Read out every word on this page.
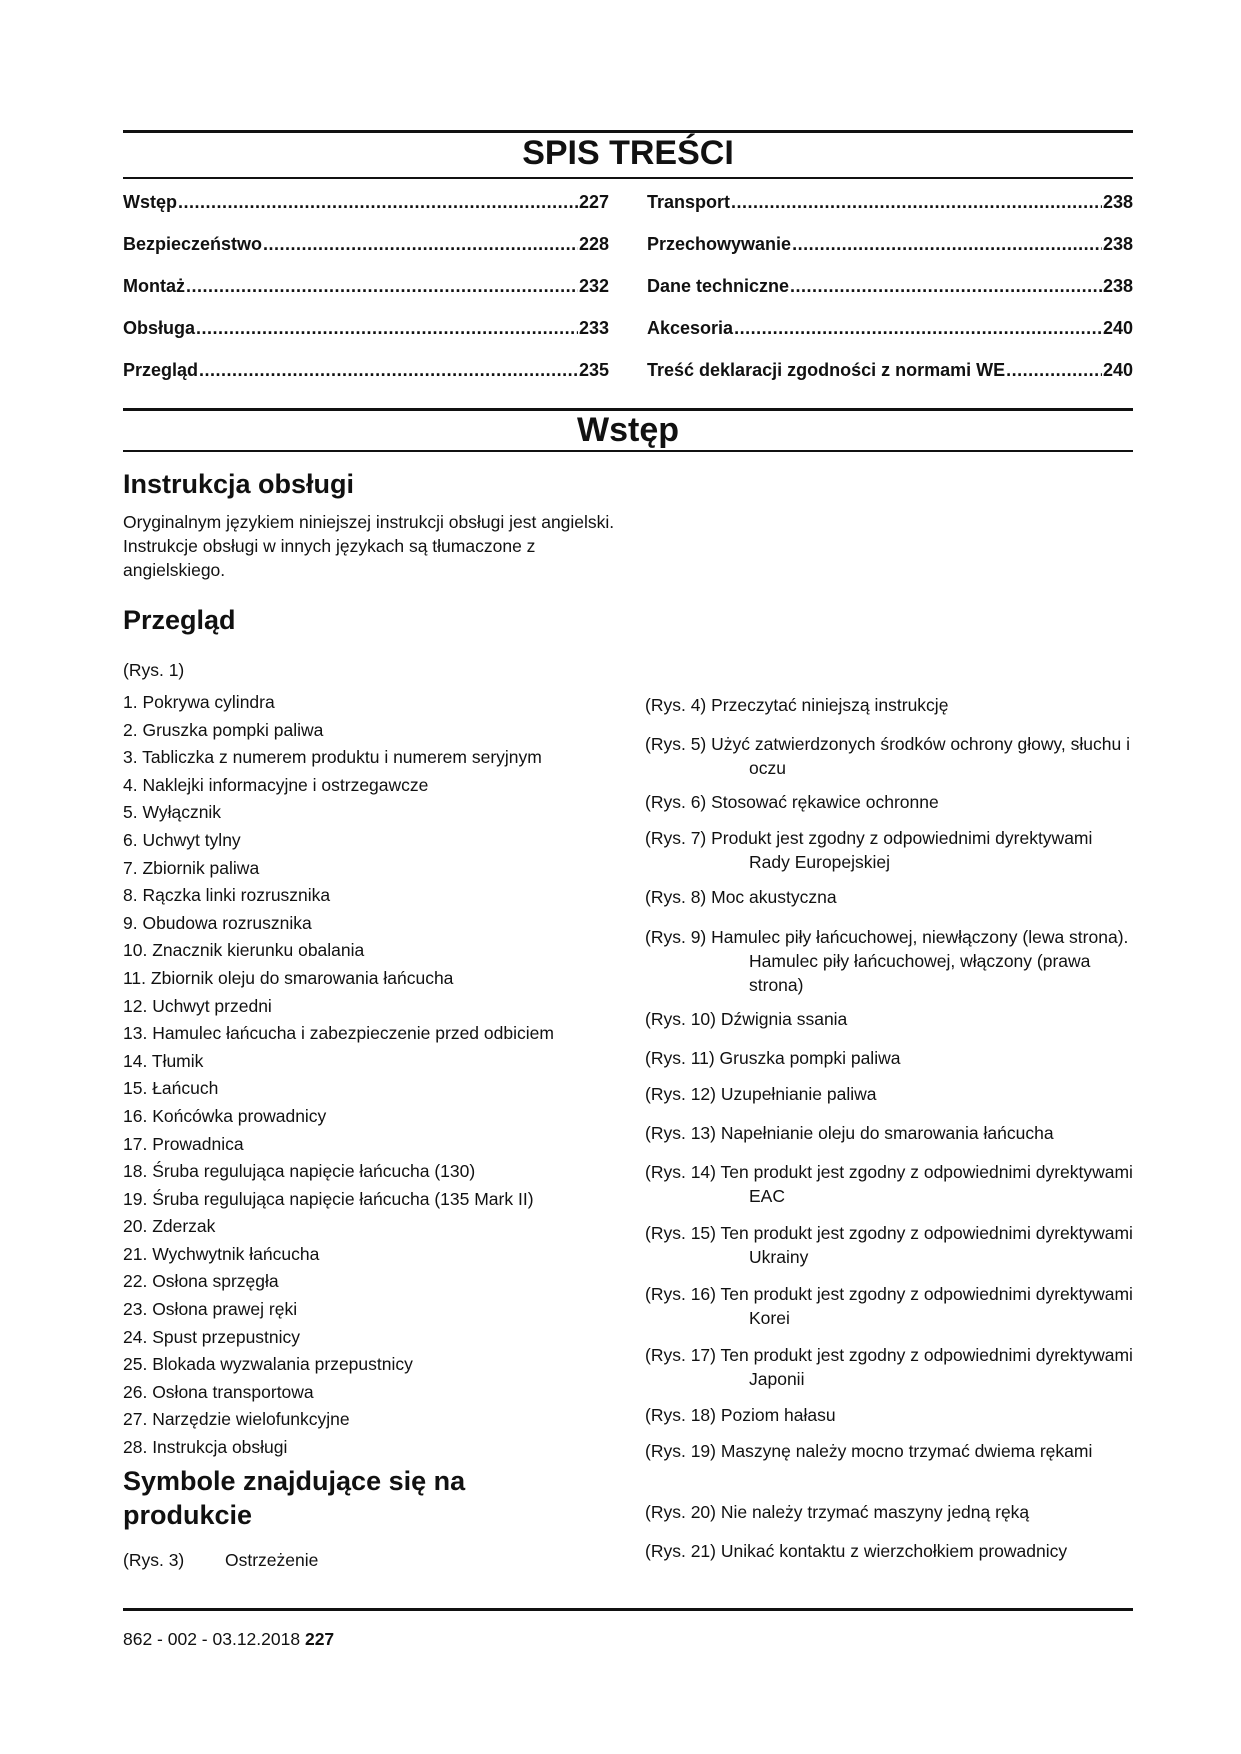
SPIS TREŚCI
Wstęp .....	227
Bezpieczeństwo .....	228
Montaż .....	232
Obsługa .....	233
Przegląd .....	235
Transport .....	238
Przechowywanie .....	238
Dane techniczne .....	238
Akcesoria .....	240
Treść deklaracji zgodności z normami WE .....	240
Wstęp
Instrukcja obsługi
Oryginalnym językiem niniejszej instrukcji obsługi jest angielski. Instrukcje obsługi w innych językach są tłumaczone z angielskiego.
Przegląd
(Rys. 1)
1. Pokrywa cylindra
2. Gruszka pompki paliwa
3. Tabliczka z numerem produktu i numerem seryjnym
4. Naklejki informacyjne i ostrzegawcze
5. Wyłącznik
6. Uchwyt tylny
7. Zbiornik paliwa
8. Rączka linki rozrusznika
9. Obudowa rozrusznika
10. Znacznik kierunku obalania
11. Zbiornik oleju do smarowania łańcucha
12. Uchwyt przedni
13. Hamulec łańcucha i zabezpieczenie przed odbiciem
14. Tłumik
15. Łańcuch
16. Końcówka prowadnicy
17. Prowadnica
18. Śruba regulująca napięcie łańcucha (130)
19. Śruba regulująca napięcie łańcucha (135 Mark II)
20. Zderzak
21. Wychwytnik łańcucha
22. Osłona sprzęgła
23. Osłona prawej ręki
24. Spust przepustnicy
25. Blokada wyzwalania przepustnicy
26. Osłona transportowa
27. Narzędzie wielofunkcyjne
28. Instrukcja obsługi
Symbole znajdujące się na produkcie
(Rys. 3) Ostrzeżenie
(Rys. 4) Przeczytać niniejszą instrukcję
(Rys. 5) Użyć zatwierdzonych środków ochrony głowy, słuchu i oczu
(Rys. 6) Stosować rękawice ochronne
(Rys. 7) Produkt jest zgodny z odpowiednimi dyrektywami Rady Europejskiej
(Rys. 8) Moc akustyczna
(Rys. 9) Hamulec piły łańcuchowej, niewłączony (lewa strona). Hamulec piły łańcuchowej, włączony (prawa strona)
(Rys. 10) Dźwignia ssania
(Rys. 11) Gruszka pompki paliwa
(Rys. 12) Uzupełnianie paliwa
(Rys. 13) Napełnianie oleju do smarowania łańcucha
(Rys. 14) Ten produkt jest zgodny z odpowiednimi dyrektywami EAC
(Rys. 15) Ten produkt jest zgodny z odpowiednimi dyrektywami Ukrainy
(Rys. 16) Ten produkt jest zgodny z odpowiednimi dyrektywami Korei
(Rys. 17) Ten produkt jest zgodny z odpowiednimi dyrektywami Japonii
(Rys. 18) Poziom hałasu
(Rys. 19) Maszynę należy mocno trzymać dwiema rękami
(Rys. 20) Nie należy trzymać maszyny jedną ręką
(Rys. 21) Unikać kontaktu z wierzchołkiem prowadnicy
862 - 002 - 03.12.2018 227
